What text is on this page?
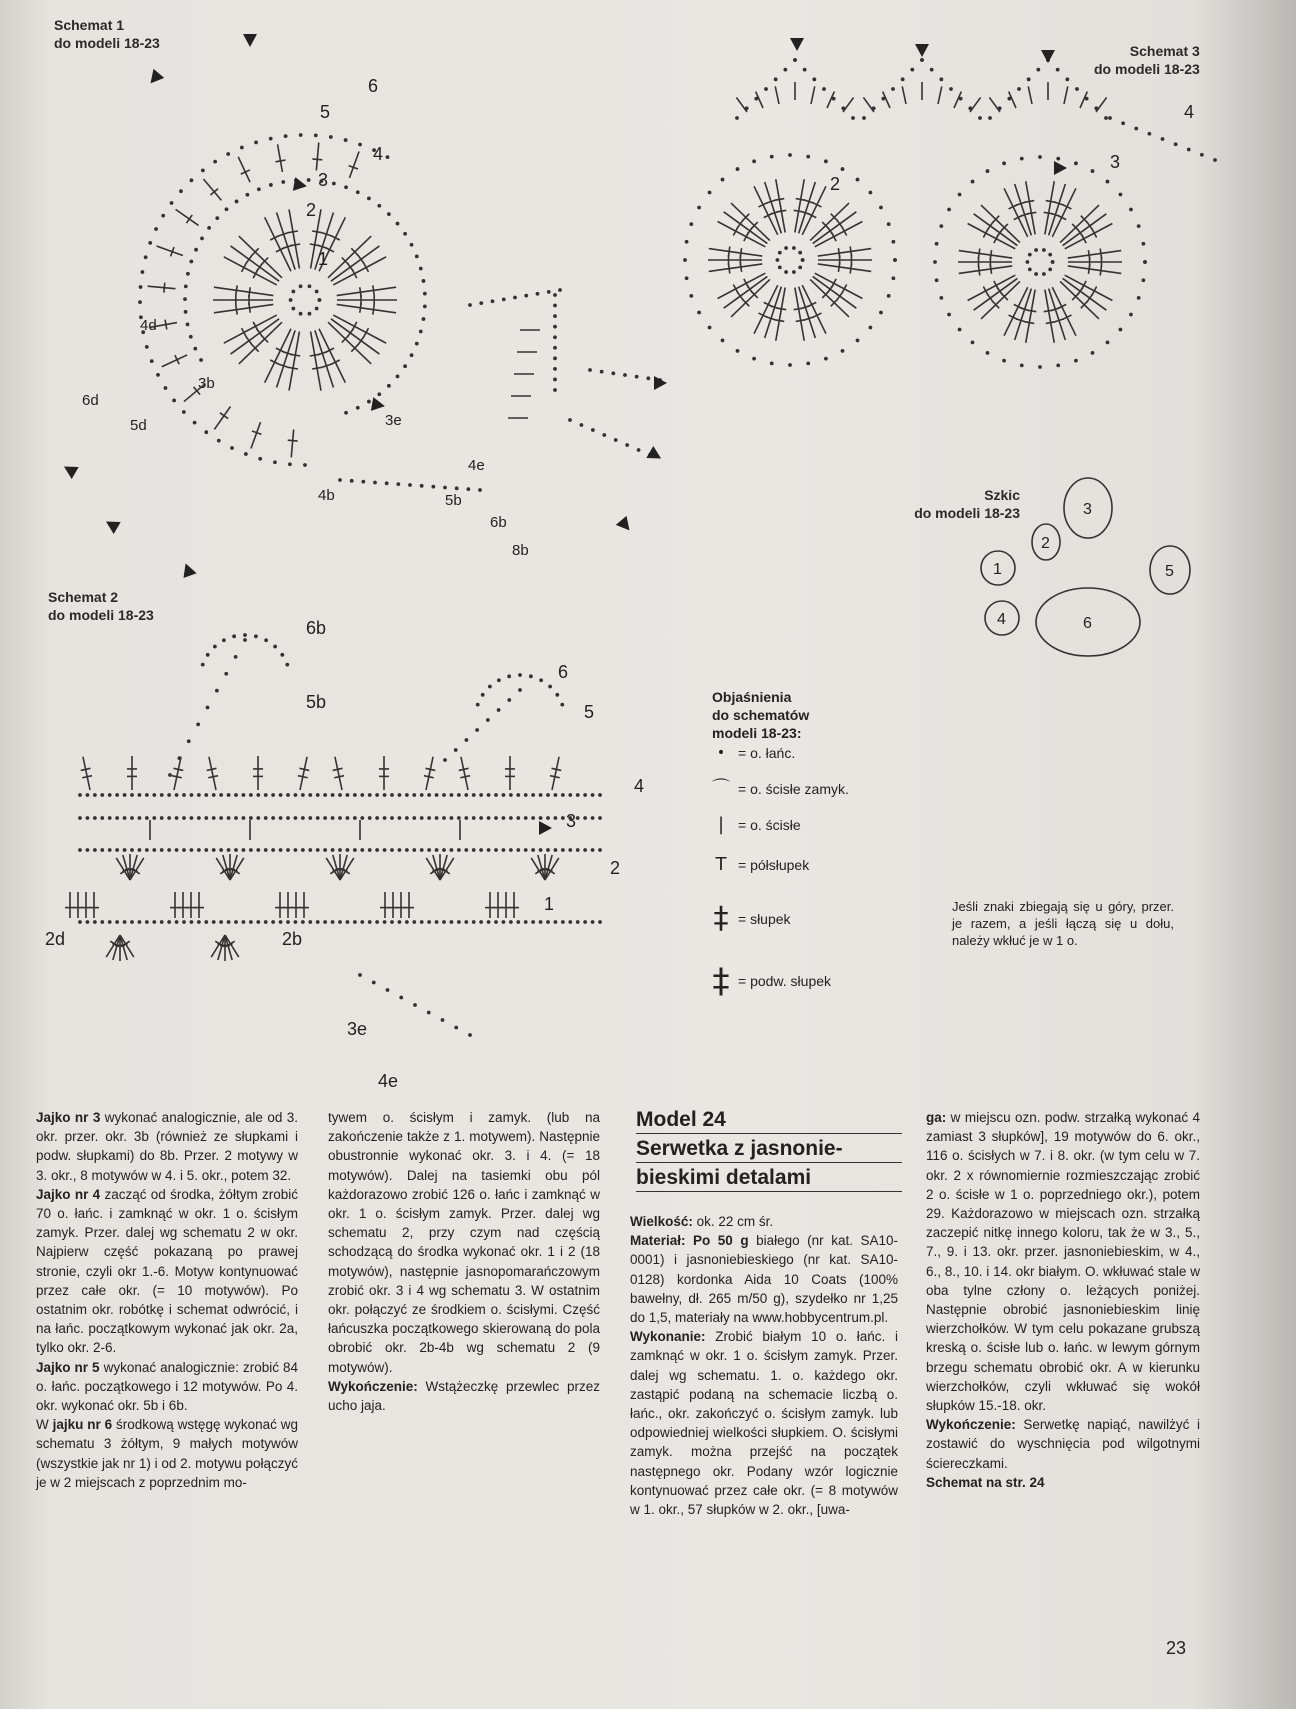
Schemat 1
do modeli 18-23
Schemat 2
do modeli 18-23
Schemat 3
do modeli 18-23
Szkic
do modeli 18-23
6
5
4
3
2
1
4d
6d
5d	3e
3b
4b
4e
5b
6b
8b
6b
5b
6
5
4
3
2
1
2d	2b
3e
4e
4
3
2
1
2
3
4
5
6
Objaśnienia
do schematów
modeli 18-23:
• = o. łańc.
⌒ = o. ścisłe zamyk.
| = o. ścisłe
T = półsłupek
‡ = słupek
‡ = podw. słupek
Jeśli znaki zbiegają się u góry, przer. je razem, a jeśli łączą się u dołu, należy wkłuć je w 1 o.

Jajko nr 3 wykonać analogicznie, ale od 3. okr. przer. okr. 3b (również ze słupkami i podw. słupkami) do 8b. Przer. 2 motywy w 3. okr., 8 motywów w 4. i 5. okr., potem 32.

Jajko nr 4 zacząć od środka, żółtym zrobić 70 o. łańc. i zamknąć w okr. 1 o. ścisłym zamyk. Przer. dalej wg schematu 2 w okr. Najpierw część pokazaną po prawej stronie, czyli okr 1.-6. Motyw kontynuować przez całe okr. (= 10 motywów). Po ostatnim okr. robótkę i schemat odwrócić, i na łańc. początkowym wykonać jak okr. 2a, tylko okr. 2-6.

Jajko nr 5 wykonać analogicznie: zrobić 84 o. łańc. początkowego i 12 motywów. Po 4. okr. wykonać okr. 5b i 6b.

W jajku nr 6 środkową wstęgę wykonać wg schematu 3 żółtym, 9 małych motywów (wszystkie jak nr 1) i od 2. motywu połączyć je w 2 miejscach z poprzednim mo-

tywem o. ścisłym i zamyk. (lub na zakończenie także z 1. motywem). Następnie obustronnie wykonać okr. 3. i 4. (= 18 motywów). Dalej na tasiemki obu pól każdorazowo zrobić 126 o. łańc i zamknąć w okr. 1 o. ścisłym zamyk. Przer. dalej wg schematu 2, przy czym nad częścią schodzącą do środka wykonać okr. 1 i 2 (18 motywów), następnie jasnopomarańczowym zrobić okr. 3 i 4 wg schematu 3. W ostatnim okr. połączyć ze środkiem o. ścisłymi. Część łańcuszka początkowego skierowaną do pola obrobić okr. 2b-4b wg schematu 2 (9 motywów).

Wykończenie: Wstążeczkę przewlec przez ucho jaja.

Model 24
Serwetka z jasnonie-
bieskimi detalami

Wielkość: ok. 22 cm śr.

Materiał: Po 50 g białego (nr kat. SA10-0001) i jasnoniebieskiego (nr kat. SA10-0128) kordonka Aida 10 Coats (100% bawełny, dł. 265 m/50 g), szydełko nr 1,25 do 1,5, materiały na www.hobbycentrum.pl.

Wykonanie: Zrobić białym 10 o. łańc. i zamknąć w okr. 1 o. ścisłym zamyk. Przer. dalej wg schematu. 1. o. każdego okr. zastąpić podaną na schemacie liczbą o. łańc., okr. zakończyć o. ścisłym zamyk. lub odpowiedniej wielkości słupkiem. O. ścisłymi zamyk. można przejść na początek następnego okr. Podany wzór logicznie kontynuować przez całe okr. (= 8 motywów w 1. okr., 57 słupków w 2. okr., [uwa-

ga: w miejscu ozn. podw. strzałką wykonać 4 zamiast 3 słupków], 19 motywów do 6. okr., 116 o. ścisłych w 7. i 8. okr. (w tym celu w 7. okr. 2 x równomiernie rozmieszczając zrobić 2 o. ścisłe w 1 o. poprzedniego okr.), potem 29. Każdorazowo w miejscach ozn. strzałką zaczepić nitkę innego koloru, tak że w 3., 5., 7., 9. i 13. okr. przer. jasnoniebieskim, w 4., 6., 8., 10. i 14. okr białym. O. wkłuwać stale w oba tylne człony o. leżących poniżej. Następnie obrobić jasnoniebieskim linię wierzchołków. W tym celu pokazane grubszą kreską o. ścisłe lub o. łańc. w lewym górnym brzegu schematu obrobić okr. A w kierunku wierzchołków, czyli wkłuwać się wokół słupków 15.-18. okr.

Wykończenie: Serwetkę napiąć, nawilżyć i zostawić do wyschnięcia pod wilgotnymi ściereczkami.

Schemat na str. 24

23
